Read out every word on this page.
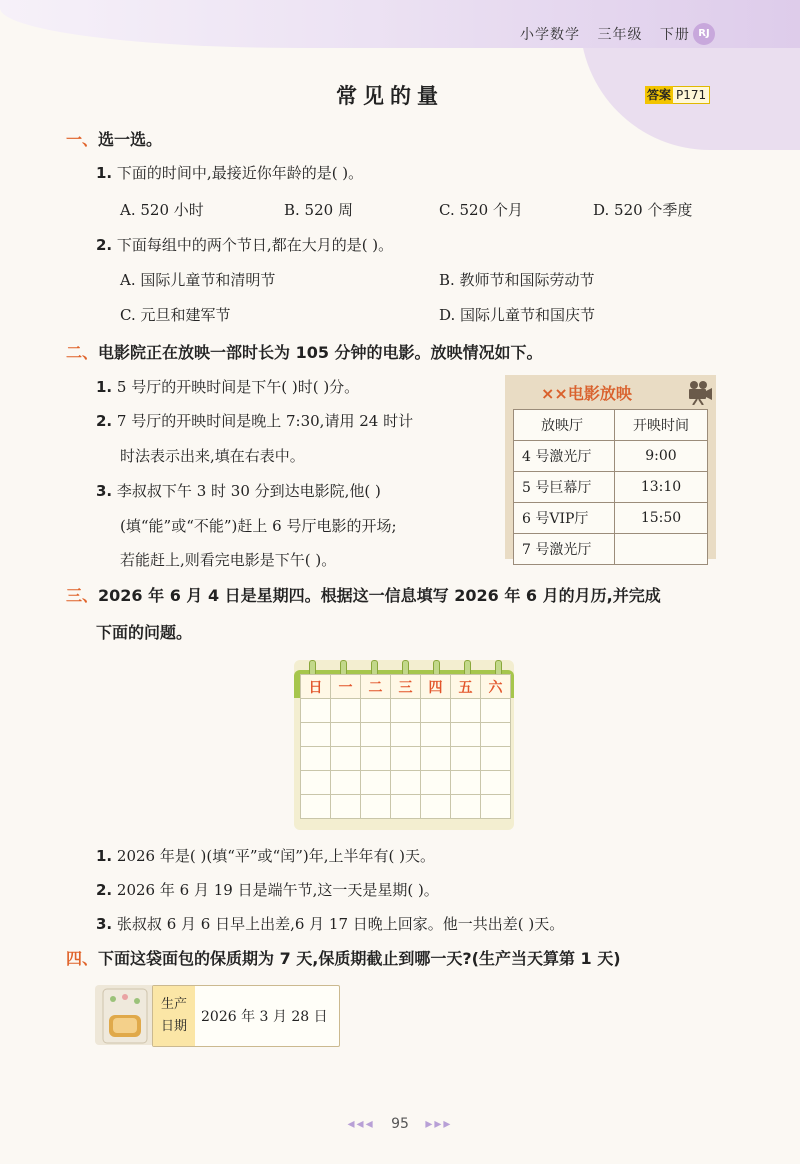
小学数学 三年级 下册 RJ
常见的量	答案 P171
一、选一选。
1. 下面的时间中,最接近你年龄的是( )。
A. 520 小时	B. 520 周	C. 520 个月	D. 520 个季度
2. 下面每组中的两个节日,都在大月的是( )。
A. 国际儿童节和清明节	B. 教师节和国际劳动节
C. 元旦和建军节	D. 国际儿童节和国庆节
二、电影院正在放映一部时长为 105 分钟的电影。放映情况如下。
1. 5 号厅的开映时间是下午( )时( )分。
2. 7 号厅的开映时间是晚上 7:30,请用 24 时计
时法表示出来,填在右表中。
3. 李叔叔下午 3 时 30 分到达电影院,他( )
(填“能”或“不能”)赶上 6 号厅电影的开场;
若能赶上,则看完电影是下午( )。
××电影放映
放映厅	开映时间
4 号激光厅	9:00
5 号巨幕厅	13:10
6 号VIP厅	15:50
7 号激光厅	
三、2026 年 6 月 4 日是星期四。根据这一信息填写 2026 年 6 月的月历,并完成
下面的问题。
日	一	二	三	四	五	六

1. 2026 年是( )(填“平”或“闰”)年,上半年有( )天。
2. 2026 年 6 月 19 日是端午节,这一天是星期( )。
3. 张叔叔 6 月 6 日早上出差,6 月 17 日晚上回家。他一共出差( )天。
四、下面这袋面包的保质期为 7 天,保质期截止到哪一天?(生产当天算第 1 天)
生产
日期
2026 年 3 月 28 日
◂◂◂ 95 ▸▸▸
